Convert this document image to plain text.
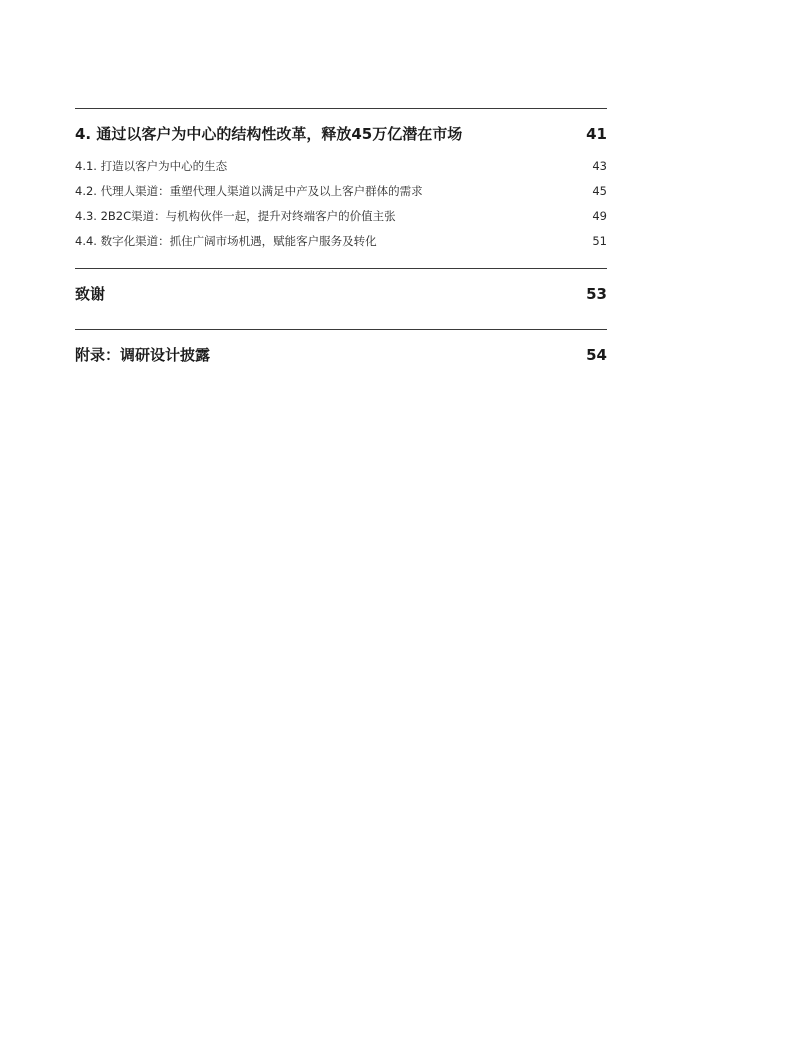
4. 通过以客户为中心的结构性改革，释放45万亿潜在市场	41
4.1. 打造以客户为中心的生态	43
4.2. 代理人渠道：重塑代理人渠道以满足中产及以上客户群体的需求	45
4.3. 2B2C渠道：与机构伙伴一起，提升对终端客户的价值主张	49
4.4. 数字化渠道：抓住广阔市场机遇，赋能客户服务及转化	51
致谢	53
附录：调研设计披露	54
